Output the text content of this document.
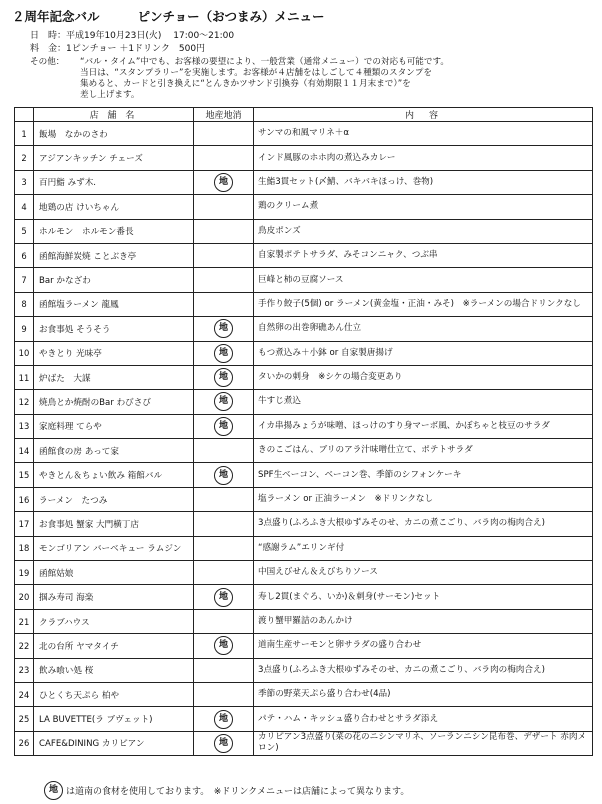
２周年記念バル	ピンチョー（おつまみ）メニュー
日　時：平成19年10月23日(火)　 17:00～21:00
料　金：1ピンチョー ＋1ドリンク　500円
その他： “バル・タイム”中でも、お客様の要望により、一般営業（通常メニュー）での対応も可能です。
当日は、“スタンプラリー”を実施します。お客様が４店舗をはしごして４種類のスタンプを
集めると、カードと引き換えに“とんきかツサンド引換券（有効期限１１月末まで）”を
差し上げます。
	店 舗 名	地産地消	内　容
1	飯場　なかのさわ		サンマの和風マリネ＋α
2	アジアンキッチン チェーズ		インド風豚のホホ肉の煮込みカレー
3	百円鮨 みず木.	地	生鮨3貫セット(〆鯖、バキバキほっけ、巻物)
4	地鶏の店 けいちゃん		鶏のクリーム煮
5	ホルモン　ホルモン番長		鳥皮ポンズ
6	函館海鮮炭焼 ことぶき亭		自家製ポテトサラダ、みそコンニャク、つぶ串
7	Bar かなざわ		巨峰と柿の豆腐ソース
8	函館塩ラーメン 龍鳳		手作り餃子(5個) or ラーメン(黄金塩・正油・みそ)　※ラーメンの場合ドリンクなし
9	お食事処 そうそう	地	自然卵の出巻卵礁あん仕立
10	やきとり 光味亭	地	もつ煮込み＋小鉢 or 自家製唐揚げ
11	炉ばた　大謀	地	タいかの刺身　※シケの場合変更あり
12	焼鳥とか焼酎のBar わびさび	地	牛すじ煮込
13	家庭料理 てらや	地	イカ串揚みょうが味噌、ほっけのすり身マーボ風、かぼちゃと枝豆のサラダ
14	函館食の房 あって家		きのこごはん、ブリのアラ汁味噌仕立て、ポテトサラダ
15	やきとん＆ちょい飲み 箱館バル	地	SPF生ベーコン、ベーコン巻、季節のシフォンケーキ
16	ラーメン　たつみ		塩ラーメン or 正油ラーメン　※ドリンクなし
17	お食事処 蟹家 大門横丁店		3点盛り(ふろふき大根ゆずみそのせ、カニの煮こごり、バラ肉の梅肉合え)
18	モンゴリアン バーベキュー ラムジン		“感謝ラム”エリンギ付
19	函館姑娘		中国えびせん＆えびちりソース
20	掴み寿司 海楽	地	寿し2貫(まぐろ、いか)＆刺身(サーモン)セット
21	クラブハウス		渡り蟹甲羅詰のあんかけ
22	北の台所 ヤマタイチ	地	道南生産サーモンと卵サラダの盛り合わせ
23	飲み喰い処 桜		3点盛り(ふろふき大根ゆずみそのせ、カニの煮こごり、バラ肉の梅肉合え)
24	ひとくち天ぷら 柏や		季節の野菜天ぷら盛り合わせ(4品)
25	LA BUVETTE(ラ ブヴェット)	地	パテ・ハム・キッシュ盛り合わせとサラダ添え
26	CAFE&DINING カリピアン	地	カリピアン3点盛り(菜の花のニシンマリネ、ソーランニシン昆布巻、デザート 赤肉メロン)
地 は道南の食材を使用しております。　※ドリンクメニューは店舗によって異なります。
